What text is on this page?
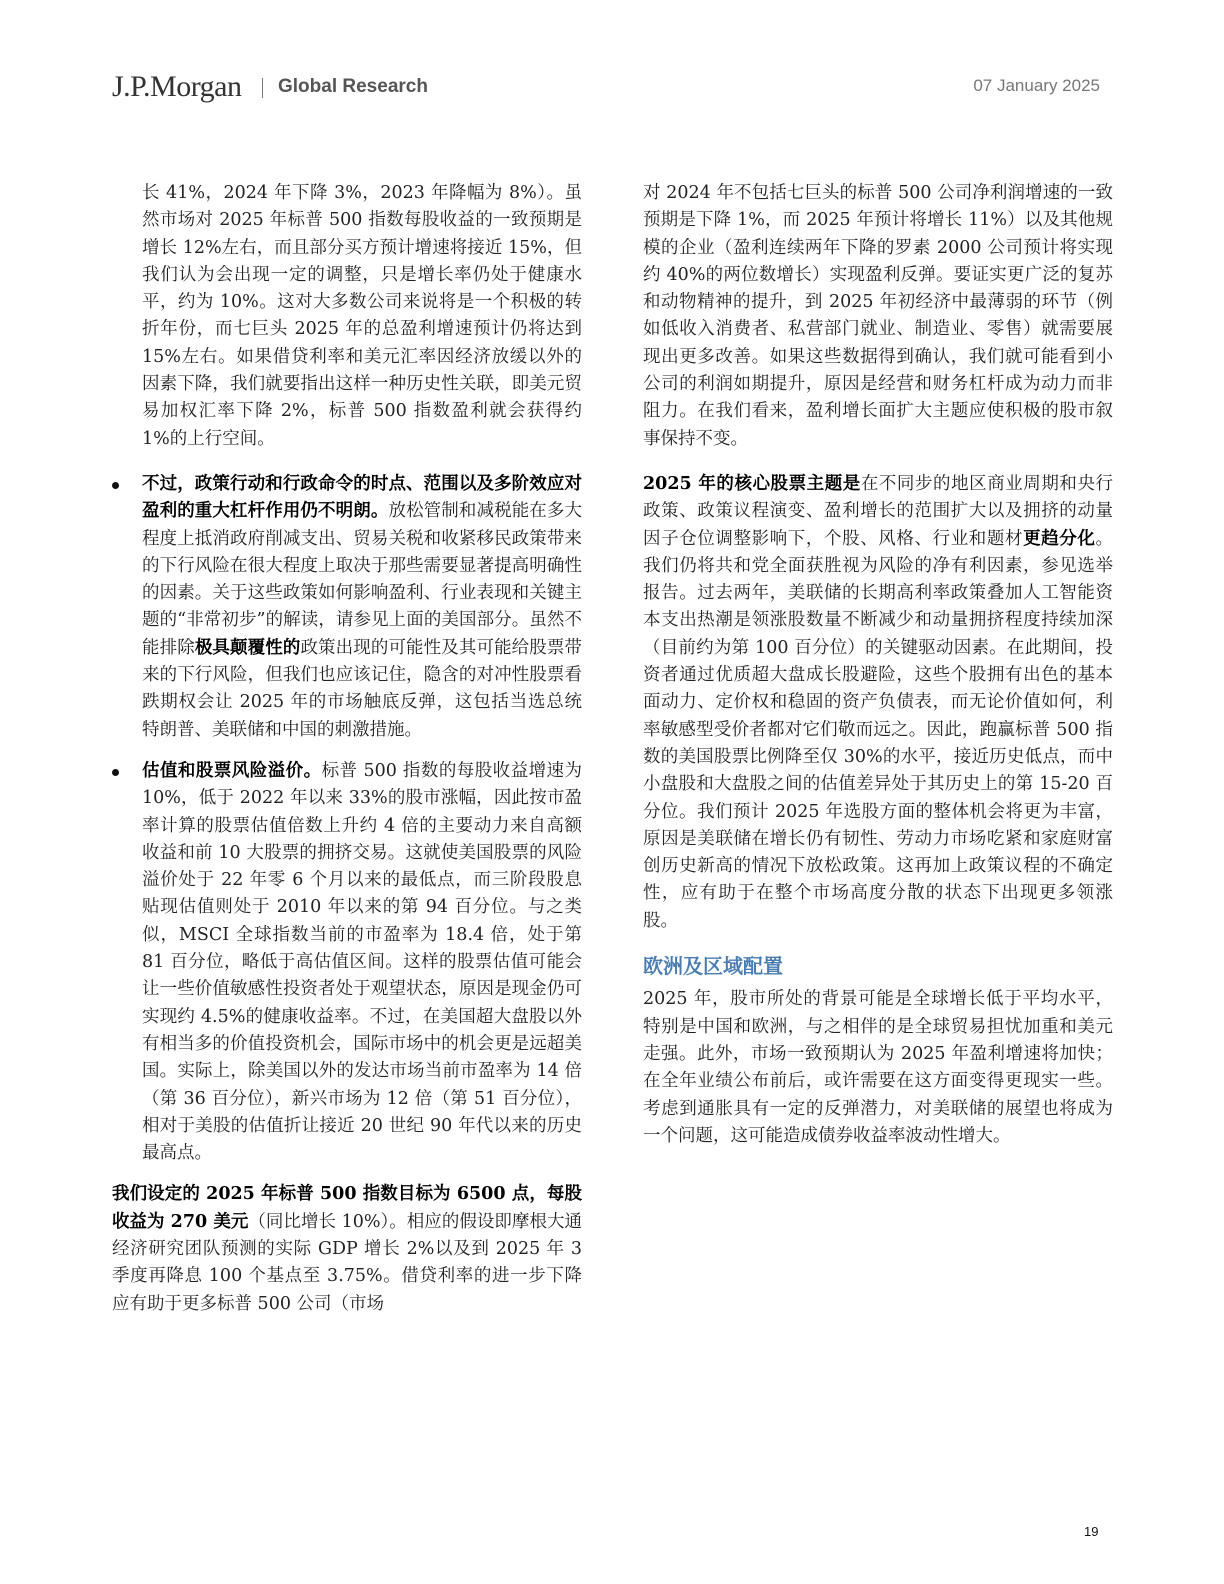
J.P.Morgan Global Research	07 January 2025

长 41%，2024 年下降 3%，2023 年降幅为 8%）。虽然市场对 2025 年标普 500 指数每股收益的一致预期是增长 12%左右，而且部分买方预计增速将接近 15%，但我们认为会出现一定的调整，只是增长率仍处于健康水平，约为 10%。这对大多数公司来说将是一个积极的转折年份，而七巨头 2025 年的总盈利增速预计仍将达到 15%左右。如果借贷利率和美元汇率因经济放缓以外的因素下降，我们就要指出这样一种历史性关联，即美元贸易加权汇率下降 2%，标普 500 指数盈利就会获得约 1%的上行空间。

不过，政策行动和行政命令的时点、范围以及多阶效应对盈利的重大杠杆作用仍不明朗。放松管制和减税能在多大程度上抵消政府削减支出、贸易关税和收紧移民政策带来的下行风险在很大程度上取决于那些需要显著提高明确性的因素。关于这些政策如何影响盈利、行业表现和关键主题的“非常初步”的解读，请参见上面的美国部分。虽然不能排除极具颠覆性的政策出现的可能性及其可能给股票带来的下行风险，但我们也应该记住，隐含的对冲性股票看跌期权会让 2025 年的市场触底反弹，这包括当选总统特朗普、美联储和中国的刺激措施。
估值和股票风险溢价。标普 500 指数的每股收益增速为 10%，低于 2022 年以来 33%的股市涨幅，因此按市盈率计算的股票估值倍数上升约 4 倍的主要动力来自高额收益和前 10 大股票的拥挤交易。这就使美国股票的风险溢价处于 22 年零 6 个月以来的最低点，而三阶段股息贴现估值则处于 2010 年以来的第 94 百分位。与之类似，MSCI 全球指数当前的市盈率为 18.4 倍，处于第 81 百分位，略低于高估值区间。这样的股票估值可能会让一些价值敏感性投资者处于观望状态，原因是现金仍可实现约 4.5%的健康收益率。不过，在美国超大盘股以外有相当多的价值投资机会，国际市场中的机会更是远超美国。实际上，除美国以外的发达市场当前市盈率为 14 倍（第 36 百分位），新兴市场为 12 倍（第 51 百分位），相对于美股的估值折让接近 20 世纪 90 年代以来的历史最高点。

我们设定的 2025 年标普 500 指数目标为 6500 点，每股收益为 270 美元（同比增长 10%）。相应的假设即摩根大通经济研究团队预测的实际 GDP 增长 2%以及到 2025 年 3 季度再降息 100 个基点至 3.75%。借贷利率的进一步下降应有助于更多标普 500 公司（市场

对 2024 年不包括七巨头的标普 500 公司净利润增速的一致预期是下降 1%，而 2025 年预计将增长 11%）以及其他规模的企业（盈利连续两年下降的罗素 2000 公司预计将实现约 40%的两位数增长）实现盈利反弹。要证实更广泛的复苏和动物精神的提升，到 2025 年初经济中最薄弱的环节（例如低收入消费者、私营部门就业、制造业、零售）就需要展现出更多改善。如果这些数据得到确认，我们就可能看到小公司的利润如期提升，原因是经营和财务杠杆成为动力而非阻力。在我们看来，盈利增长面扩大主题应使积极的股市叙事保持不变。

2025 年的核心股票主题是在不同步的地区商业周期和央行政策、政策议程演变、盈利增长的范围扩大以及拥挤的动量因子仓位调整影响下，个股、风格、行业和题材更趋分化。我们仍将共和党全面获胜视为风险的净有利因素，参见选举报告。过去两年，美联储的长期高利率政策叠加人工智能资本支出热潮是领涨股数量不断减少和动量拥挤程度持续加深（目前约为第 100 百分位）的关键驱动因素。在此期间，投资者通过优质超大盘成长股避险，这些个股拥有出色的基本面动力、定价权和稳固的资产负债表，而无论价值如何，利率敏感型受价者都对它们敬而远之。因此，跑赢标普 500 指数的美国股票比例降至仅 30%的水平，接近历史低点，而中小盘股和大盘股之间的估值差异处于其历史上的第 15-20 百分位。我们预计 2025 年选股方面的整体机会将更为丰富，原因是美联储在增长仍有韧性、劳动力市场吃紧和家庭财富创历史新高的情况下放松政策。这再加上政策议程的不确定性，应有助于在整个市场高度分散的状态下出现更多领涨股。

欧洲及区域配置

2025 年，股市所处的背景可能是全球增长低于平均水平，特别是中国和欧洲，与之相伴的是全球贸易担忧加重和美元走强。此外，市场一致预期认为 2025 年盈利增速将加快；在全年业绩公布前后，或许需要在这方面变得更现实一些。考虑到通胀具有一定的反弹潜力，对美联储的展望也将成为一个问题，这可能造成债券收益率波动性增大。

19
